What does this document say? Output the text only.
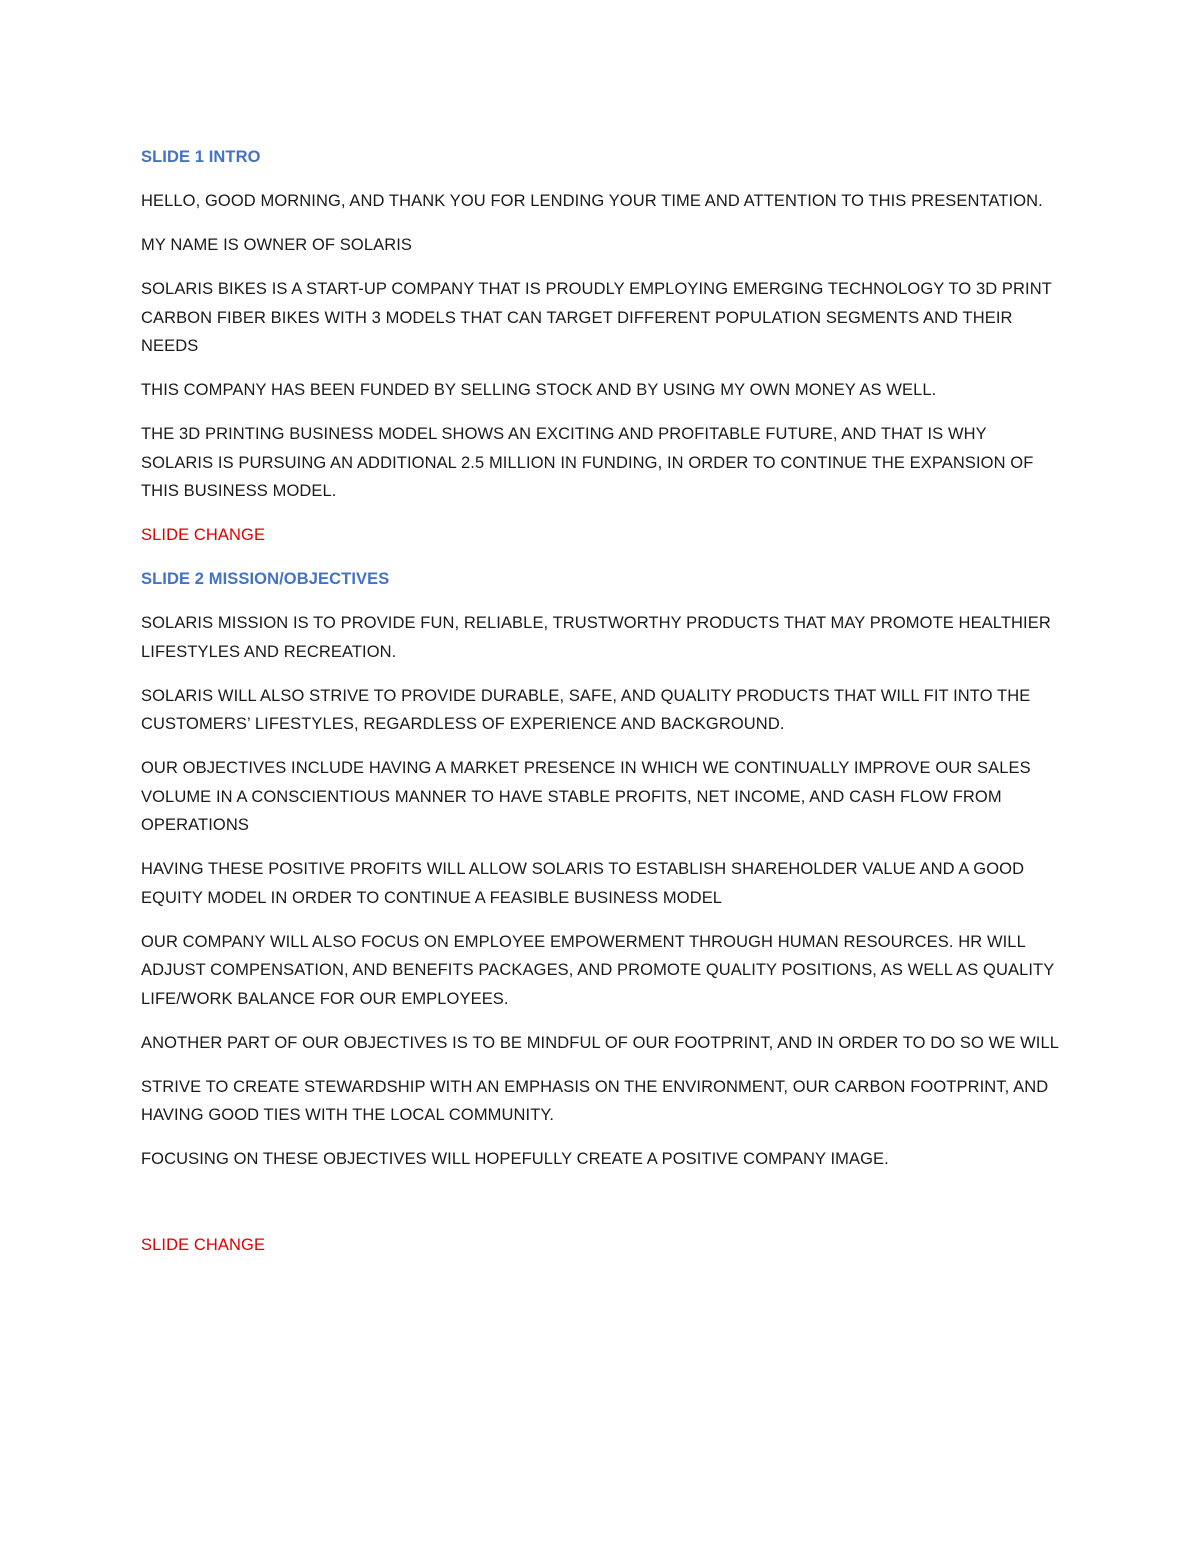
SLIDE 1 INTRO

HELLO, GOOD MORNING, AND THANK YOU FOR LENDING YOUR TIME AND ATTENTION TO THIS PRESENTATION.

MY NAME IS OWNER OF SOLARIS

SOLARIS BIKES IS A START-UP COMPANY THAT IS PROUDLY EMPLOYING EMERGING TECHNOLOGY TO 3D PRINT CARBON FIBER BIKES WITH 3 MODELS THAT CAN TARGET DIFFERENT POPULATION SEGMENTS AND THEIR NEEDS

THIS COMPANY HAS BEEN FUNDED BY SELLING STOCK AND BY USING MY OWN MONEY AS WELL.

THE 3D PRINTING BUSINESS MODEL SHOWS AN EXCITING AND PROFITABLE FUTURE, AND THAT IS WHY SOLARIS IS PURSUING AN ADDITIONAL 2.5 MILLION IN FUNDING, IN ORDER TO CONTINUE THE EXPANSION OF THIS BUSINESS MODEL.

SLIDE CHANGE

SLIDE 2 MISSION/OBJECTIVES

SOLARIS MISSION IS TO PROVIDE FUN, RELIABLE, TRUSTWORTHY PRODUCTS THAT MAY PROMOTE HEALTHIER LIFESTYLES AND RECREATION.

SOLARIS WILL ALSO STRIVE TO PROVIDE DURABLE, SAFE, AND QUALITY PRODUCTS THAT WILL FIT INTO THE CUSTOMERS’ LIFESTYLES, REGARDLESS OF EXPERIENCE AND BACKGROUND.

OUR OBJECTIVES INCLUDE HAVING A MARKET PRESENCE IN WHICH WE CONTINUALLY IMPROVE OUR SALES VOLUME IN A CONSCIENTIOUS MANNER TO HAVE STABLE PROFITS, NET INCOME, AND CASH FLOW FROM OPERATIONS

HAVING THESE POSITIVE PROFITS WILL ALLOW SOLARIS TO ESTABLISH SHAREHOLDER VALUE AND A GOOD EQUITY MODEL IN ORDER TO CONTINUE A FEASIBLE BUSINESS MODEL

OUR COMPANY WILL ALSO FOCUS ON EMPLOYEE EMPOWERMENT THROUGH HUMAN RESOURCES. HR WILL ADJUST COMPENSATION, AND BENEFITS PACKAGES, AND PROMOTE QUALITY POSITIONS, AS WELL AS QUALITY LIFE/WORK BALANCE FOR OUR EMPLOYEES.

ANOTHER PART OF OUR OBJECTIVES IS TO BE MINDFUL OF OUR FOOTPRINT, AND IN ORDER TO DO SO WE WILL

STRIVE TO CREATE STEWARDSHIP WITH AN EMPHASIS ON THE ENVIRONMENT, OUR CARBON FOOTPRINT, AND HAVING GOOD TIES WITH THE LOCAL COMMUNITY.

FOCUSING ON THESE OBJECTIVES WILL HOPEFULLY CREATE A POSITIVE COMPANY IMAGE.

SLIDE CHANGE
